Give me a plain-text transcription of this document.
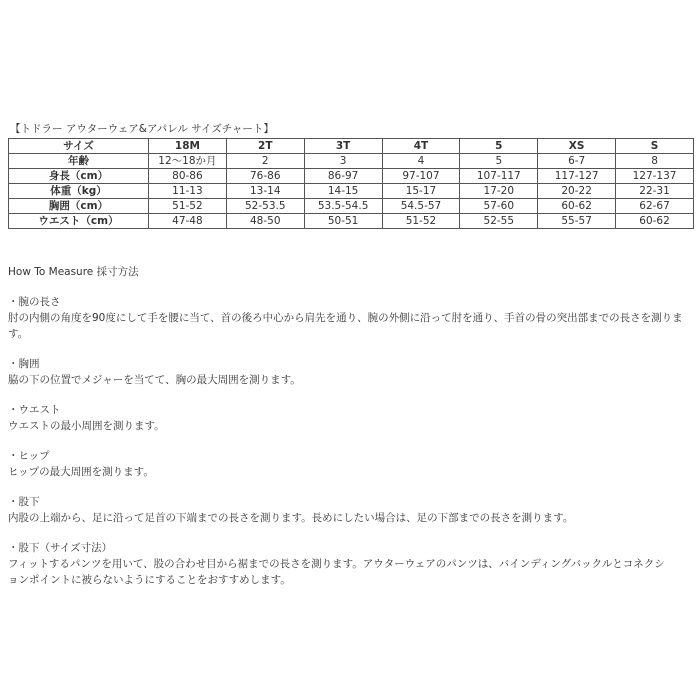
【トドラー アウターウェア&アパレル サイズチャート】
サイズ	18M	2T	3T	4T	5	XS	S
年齢	12〜18か月	2	3	4	5	6-7	8
身長（cm）	80-86	76-86	86-97	97-107	107-117	117-127	127-137
体重（kg）	11-13	13-14	14-15	15-17	17-20	20-22	22-31
胸囲（cm）	51-52	52-53.5	53.5-54.5	54.5-57	57-60	60-62	62-67
ウエスト（cm）	47-48	48-50	50-51	51-52	52-55	55-57	60-62
How To Measure 採寸方法

・腕の長さ

肘の内側の角度を90度にして手を腰に当て、首の後ろ中心から肩先を通り、腕の外側に沿って肘を通り、手首の骨の突出部までの長さを測りま

す。

・胸囲

脇の下の位置でメジャーを当てて、胸の最大周囲を測ります。

・ウエスト

ウエストの最小周囲を測ります。

・ヒップ

ヒップの最大周囲を測ります。

・股下

内股の上端から、足に沿って足首の下端までの長さを測ります。長めにしたい場合は、足の下部までの長さを測ります。

・股下（サイズ寸法）

フィットするパンツを用いて、股の合わせ目から裾までの長さを測ります。アウターウェアのパンツは、バインディングバックルとコネクシ

ョンポイントに被らないようにすることをおすすめします。
